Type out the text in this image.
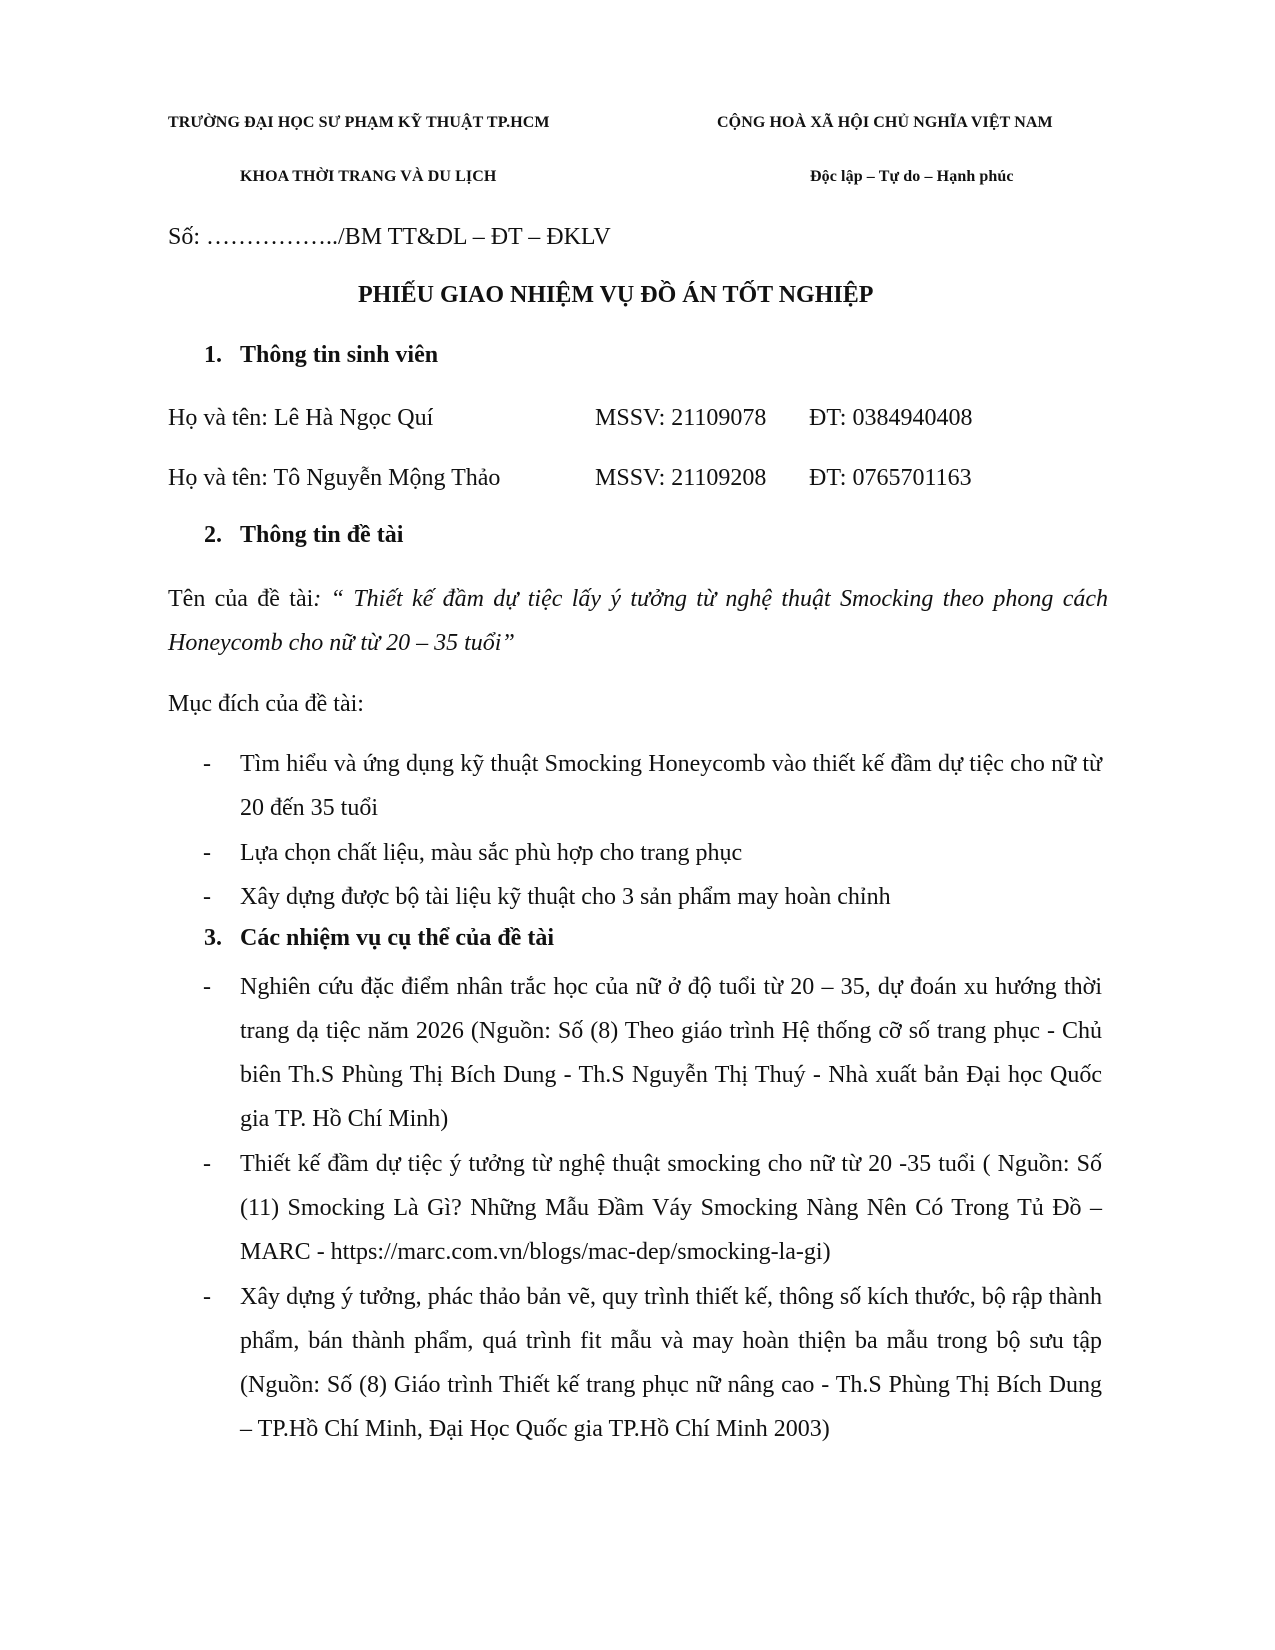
TRƯỜNG ĐẠI HỌC SƯ PHẠM KỸ THUẬT TP.HCM
KHOA THỜI TRANG VÀ DU LỊCH
CỘNG HOÀ XÃ HỘI CHỦ NGHĨA VIỆT NAM
Độc lập – Tự do – Hạnh phúc
Số: ……………../BM TT&DL – ĐT – ĐKLV
PHIẾU GIAO NHIỆM VỤ ĐỒ ÁN TỐT NGHIỆP
1. Thông tin sinh viên
Họ và tên: Lê Hà Ngọc Quí	MSSV: 21109078 ĐT: 0384940408
Họ và tên: Tô Nguyễn Mộng Thảo	MSSV: 21109208 ĐT: 0765701163
2. Thông tin đề tài
Tên của đề tài: “ Thiết kế đầm dự tiệc lấy ý tưởng từ nghệ thuật Smocking theo phong cách Honeycomb cho nữ từ 20 – 35 tuổi”
Mục đích của đề tài:
- Tìm hiểu và ứng dụng kỹ thuật Smocking Honeycomb vào thiết kế đầm dự tiệc cho nữ từ 20 đến 35 tuổi
- Lựa chọn chất liệu, màu sắc phù hợp cho trang phục
- Xây dựng được bộ tài liệu kỹ thuật cho 3 sản phẩm may hoàn chỉnh
3. Các nhiệm vụ cụ thể của đề tài
- Nghiên cứu đặc điểm nhân trắc học của nữ ở độ tuổi từ 20 – 35, dự đoán xu hướng thời trang dạ tiệc năm 2026 (Nguồn: Số (8) Theo giáo trình Hệ thống cỡ số trang phục - Chủ biên Th.S Phùng Thị Bích Dung - Th.S Nguyễn Thị Thuý - Nhà xuất bản Đại học Quốc gia TP. Hồ Chí Minh)
- Thiết kế đầm dự tiệc ý tưởng từ nghệ thuật smocking cho nữ từ 20 -35 tuổi ( Nguồn: Số (11) Smocking Là Gì? Những Mẫu Đầm Váy Smocking Nàng Nên Có Trong Tủ Đồ – MARC - https://marc.com.vn/blogs/mac-dep/smocking-la-gi)
- Xây dựng ý tưởng, phác thảo bản vẽ, quy trình thiết kế, thông số kích thước, bộ rập thành phẩm, bán thành phẩm, quá trình fit mẫu và may hoàn thiện ba mẫu trong bộ sưu tập (Nguồn: Số (8) Giáo trình Thiết kế trang phục nữ nâng cao - Th.S Phùng Thị Bích Dung – TP.Hồ Chí Minh, Đại Học Quốc gia TP.Hồ Chí Minh 2003)
